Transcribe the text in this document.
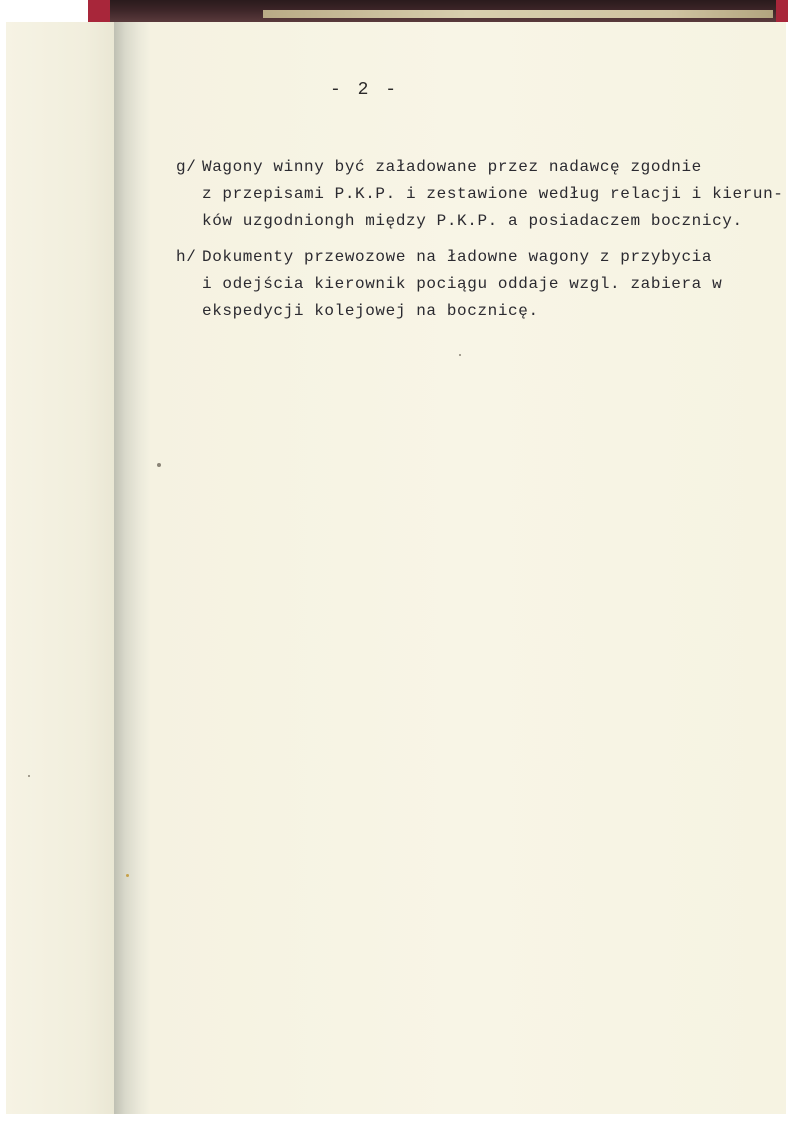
- 2 -
g/ Wagony winny być załadowane przez nadawcę zgodnie
z przepisami P.K.P. i zestawione według relacji i kierun-
ków uzgodniongh między P.K.P. a posiadaczem bocznicy.
h/ Dokumenty przewozowe na ładowne wagony z przybycia
i odejścia kierownik pociągu oddaje wzgl. zabiera w
ekspedycji kolejowej na bocznicę.
